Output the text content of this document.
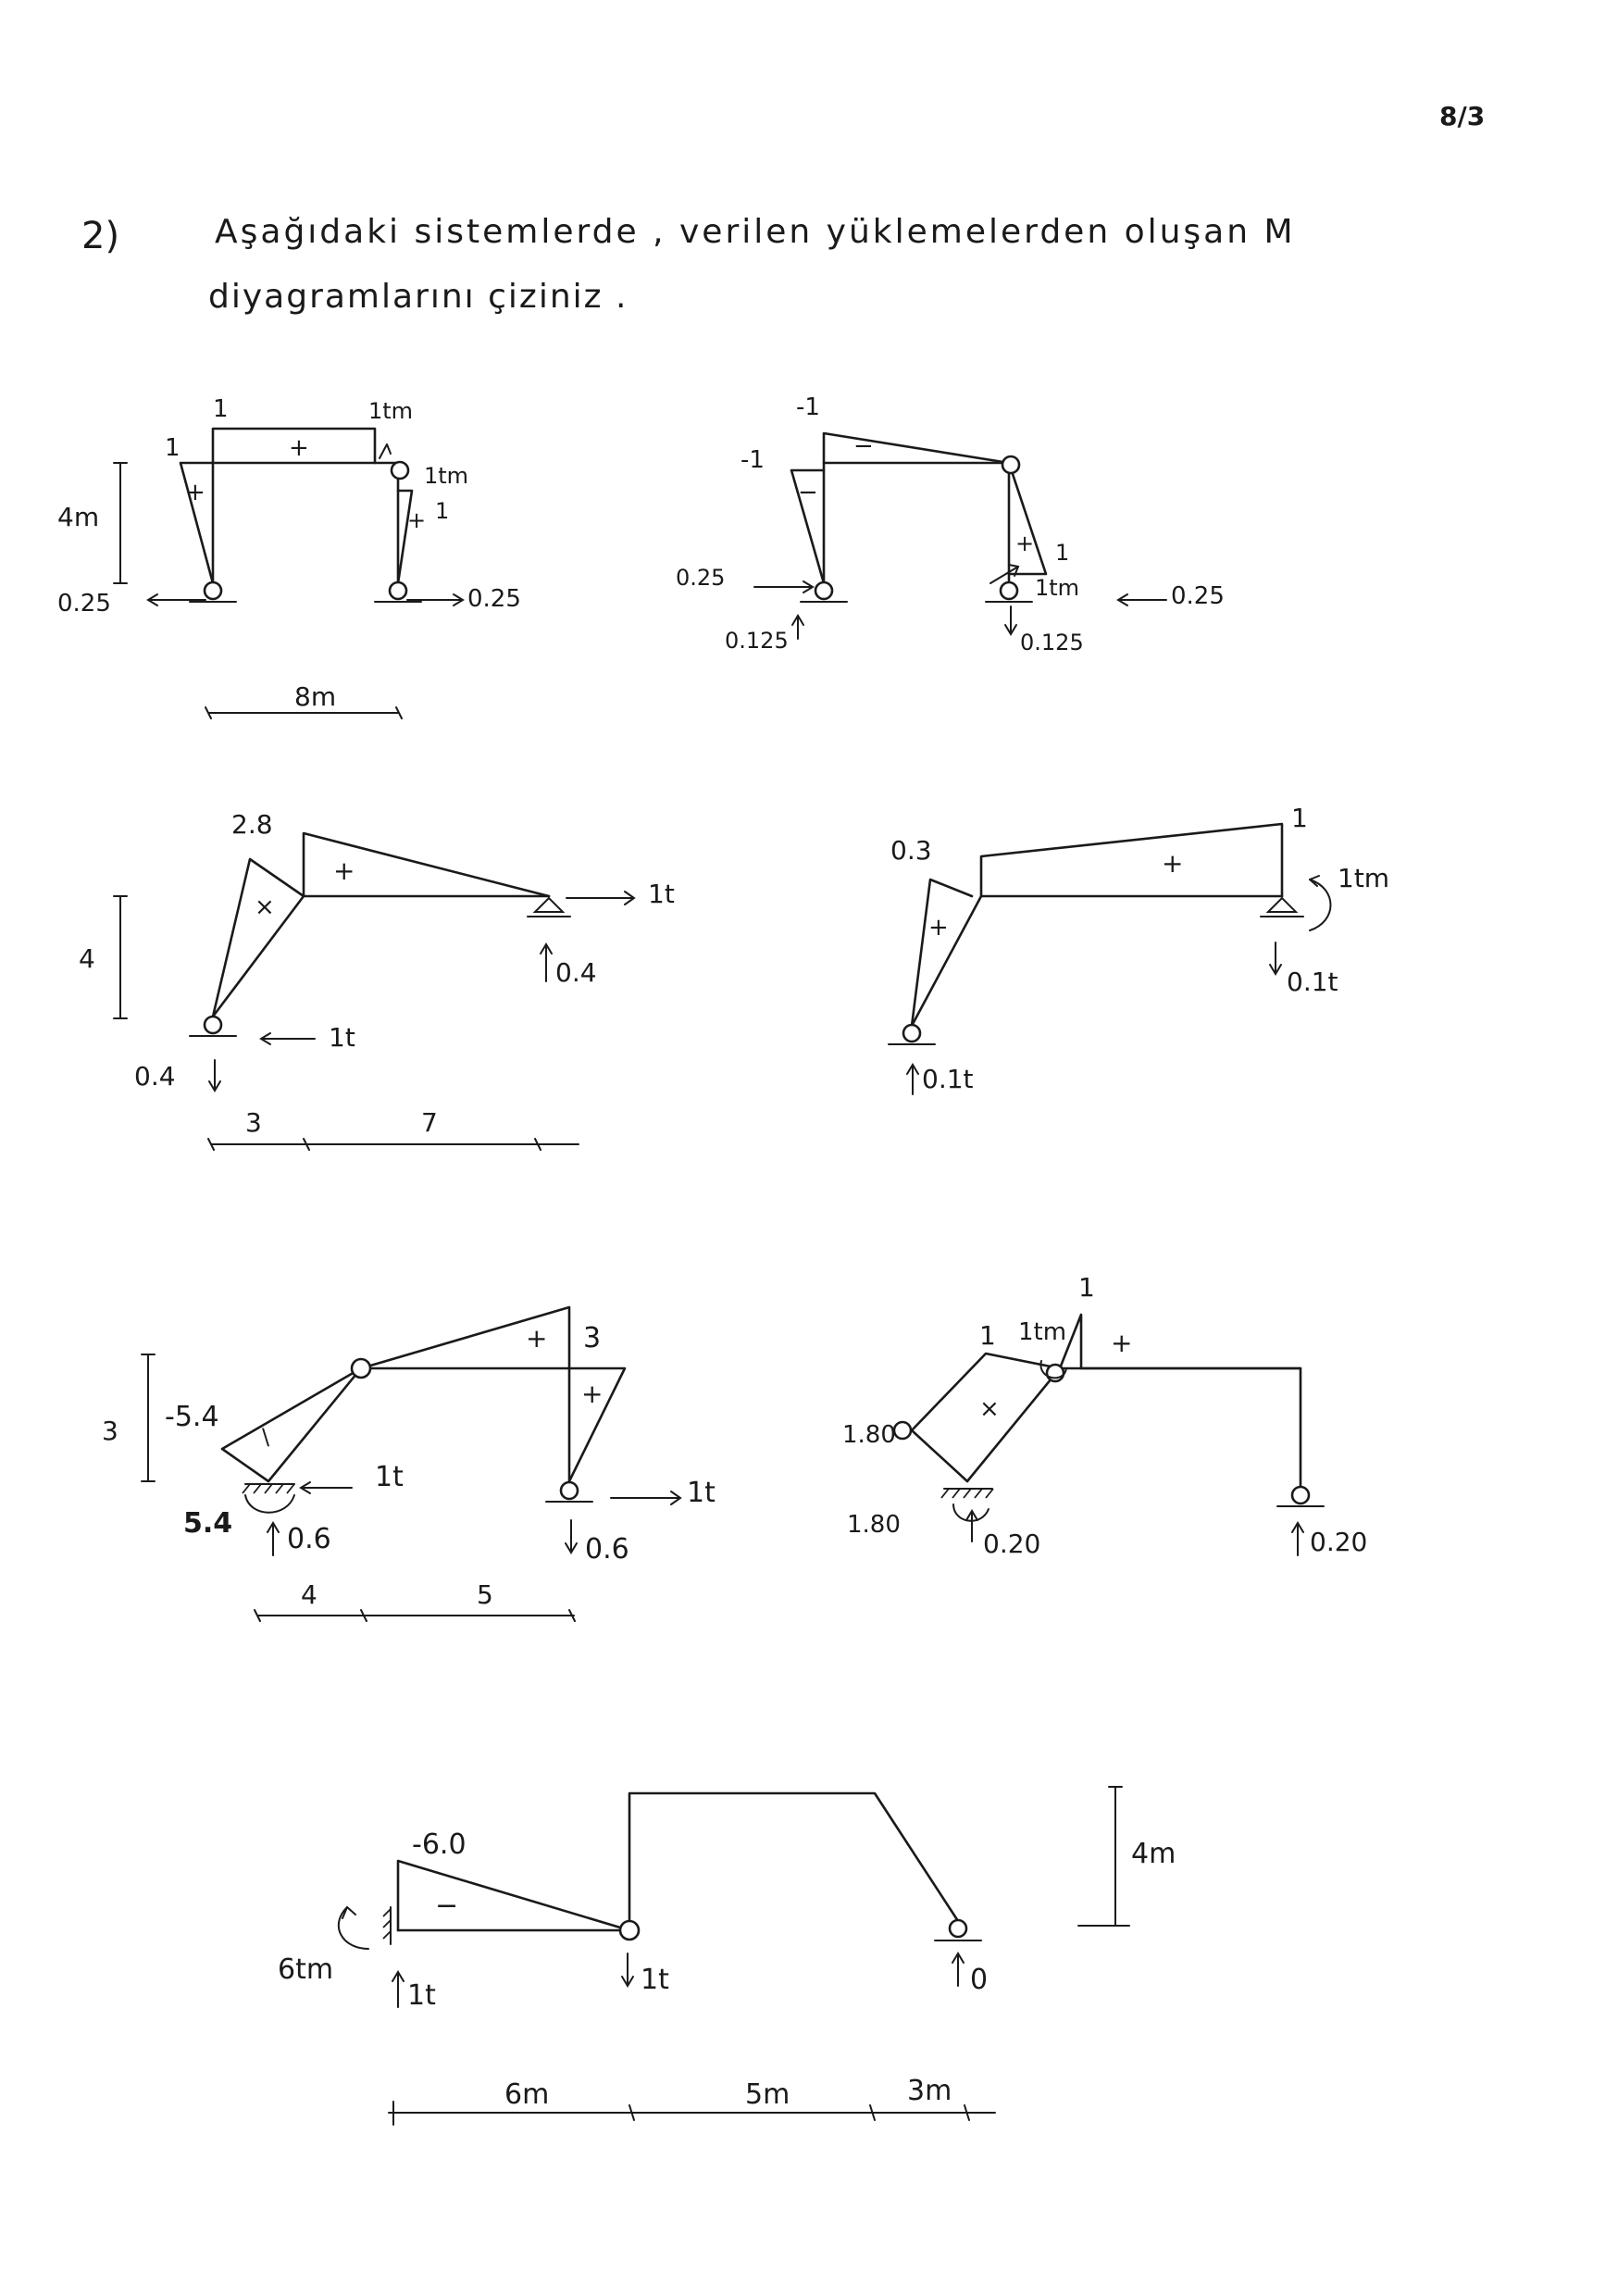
8/3
2)	Aşağıdaki sistemlerde , verilen yüklemelerden oluşan M
diyagramlarını çiziniz .
1
1	1tm
1tm
1
+
+
+
4m
0.25	0.25
8m
-1
-1	−
−
0.25
0.125
1
+
1tm	0.25
0.125
2.8
+
×
4
1t
0.4
1t
0.4
3	7
0.3
1
+
+
1tm
0.1t
0.1t
3 -5.4
\
5.4 0.6
1t
3
+
+
1t
0.6
4	5
1
1 1tm +
×
1.80
1.80
0.20	0.20
-6.0
−
6tm
1t	1t	0
4m
6m	5m	3m
